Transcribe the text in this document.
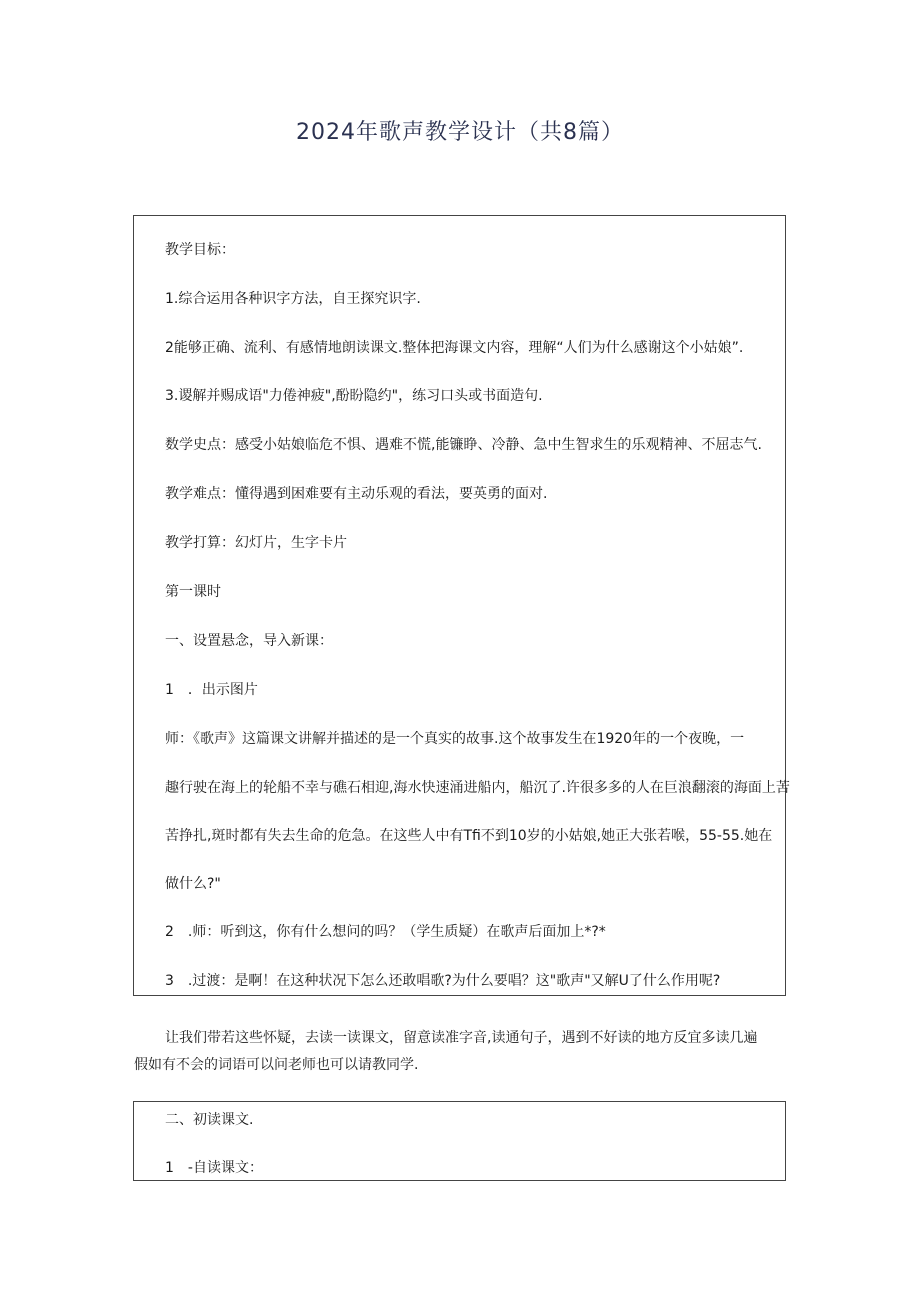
2024年歌声教学设计（共8篇）
教学目标：
1.综合运用各种识字方法，自王探究识字.
2能够正确、流利、有感情地朗读课文.整体把海课文内容，理解“人们为什么感谢这个小姑娘”.
3.谡解并赐成语"力倦神疲",酚盼隐约"，练习口头或书面造句.
数学史点：感受小姑娘临危不惧、遇难不慌,能镰睁、冷静、急中生智求生的乐观精神、不屈志气.
教学难点：懂得遇到困难要有主动乐观的看法，要英勇的面对.
教学打算：幻灯片，生字卡片
第一课时
一、设置悬念，导入新课：
1　．出示图片
师：《歌声》这篇课文讲解并描述的是一个真实的故事.这个故事发生在1920年的一个夜晚，一
趣行驶在海上的轮船不幸与礁石相迎,海水快速涌进船内，船沉了.许很多多的人在巨浪翻滚的海面上苦
苦挣扎,斑时都有失去生命的危急。在这些人中有Tfi不到10岁的小姑娘,她正大张若喉，55-55.她在
做什么?"
2　.师：听到这，你有什么想问的吗？（学生质疑）在歌声后面加上*?*
3　.过渡：是啊！在这种状况下怎么还敢唱歌?为什么要唱？这"歌声"又解U了什么作用呢?
让我们带若这些怀疑，去读一读课文，留意读准字音,读通句子，遇到不好读的地方反宜多读几遍
假如有不会的词语可以问老师也可以请教同学.
二、初读课文.
1　-自读课文：
